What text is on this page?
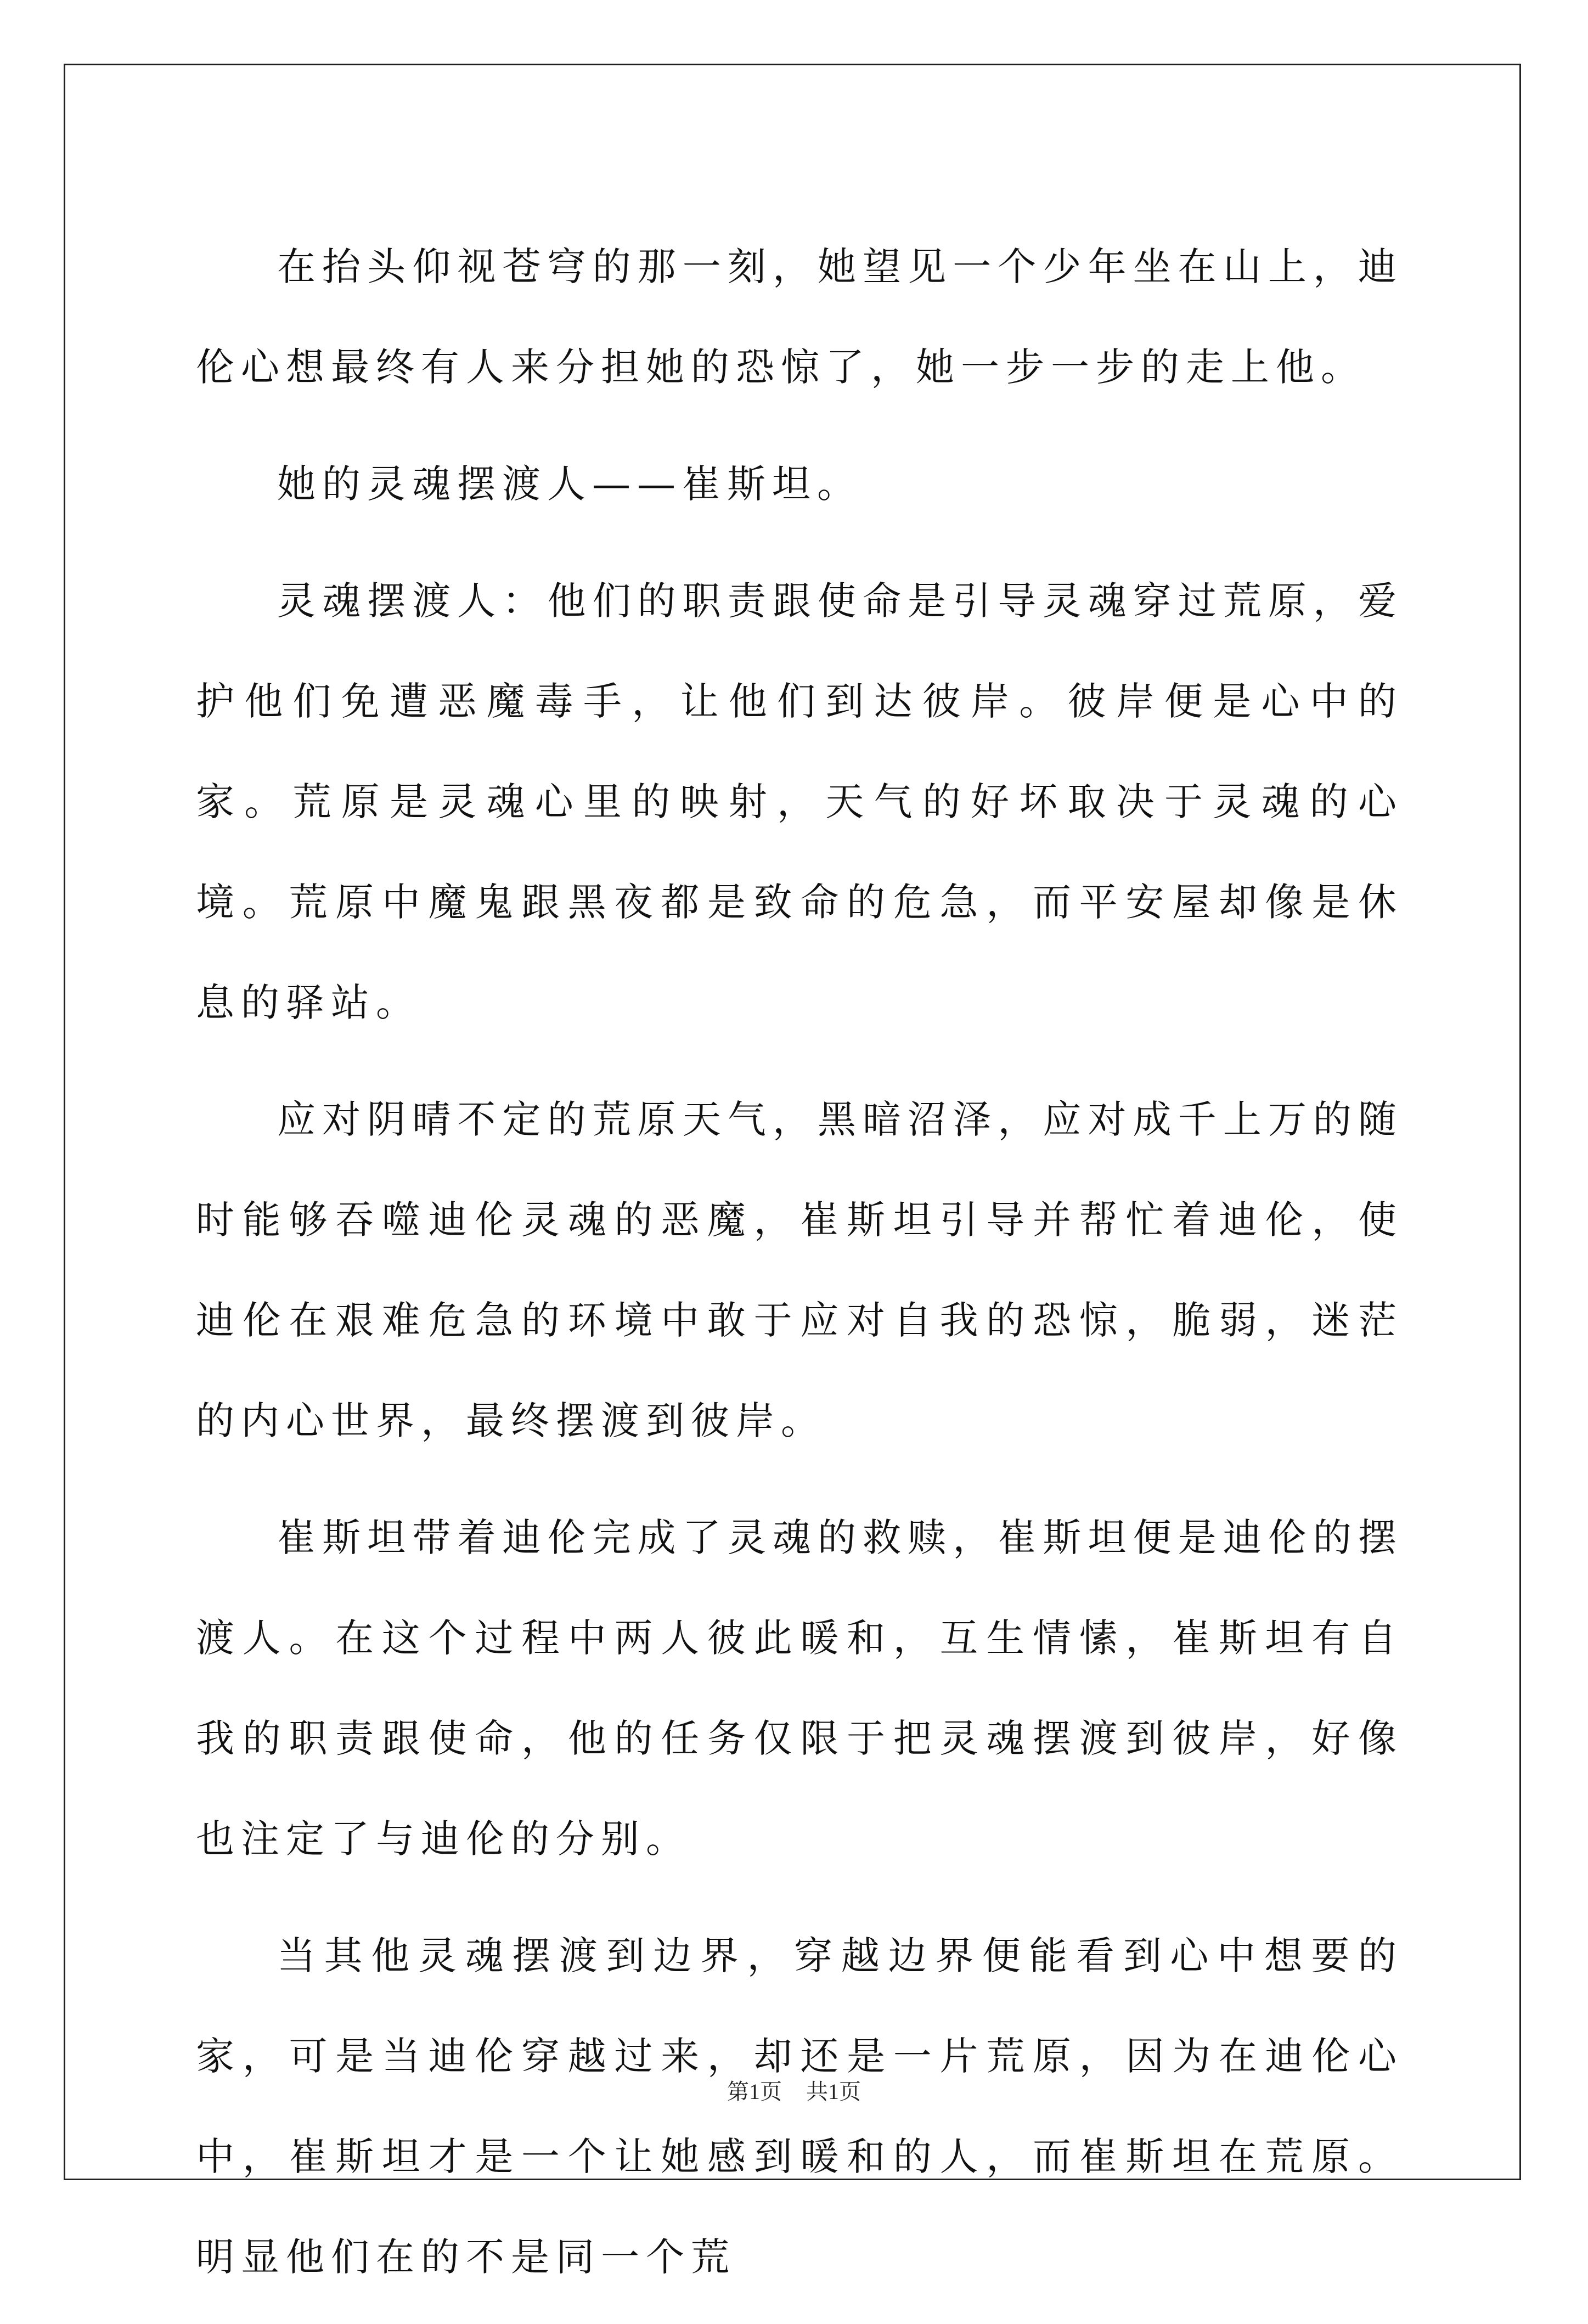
在抬头仰视苍穹的那一刻，她望见一个少年坐在山上，迪伦心想最终有人来分担她的恐惊了，她一步一步的走上他。

她的灵魂摆渡人——崔斯坦。

灵魂摆渡人：他们的职责跟使命是引导灵魂穿过荒原，爱护他们免遭恶魔毒手，让他们到达彼岸。彼岸便是心中的家。荒原是灵魂心里的映射，天气的好坏取决于灵魂的心境。荒原中魔鬼跟黑夜都是致命的危急，而平安屋却像是休息的驿站。

应对阴晴不定的荒原天气，黑暗沼泽，应对成千上万的随时能够吞噬迪伦灵魂的恶魔，崔斯坦引导并帮忙着迪伦，使迪伦在艰难危急的环境中敢于应对自我的恐惊，脆弱，迷茫的内心世界，最终摆渡到彼岸。

崔斯坦带着迪伦完成了灵魂的救赎，崔斯坦便是迪伦的摆渡人。在这个过程中两人彼此暖和，互生情愫，崔斯坦有自我的职责跟使命，他的任务仅限于把灵魂摆渡到彼岸，好像也注定了与迪伦的分别。

当其他灵魂摆渡到边界，穿越边界便能看到心中想要的家，可是当迪伦穿越过来，却还是一片荒原，因为在迪伦心中，崔斯坦才是一个让她感到暖和的人，而崔斯坦在荒原。明显他们在的不是同一个荒

第1页 共1页
